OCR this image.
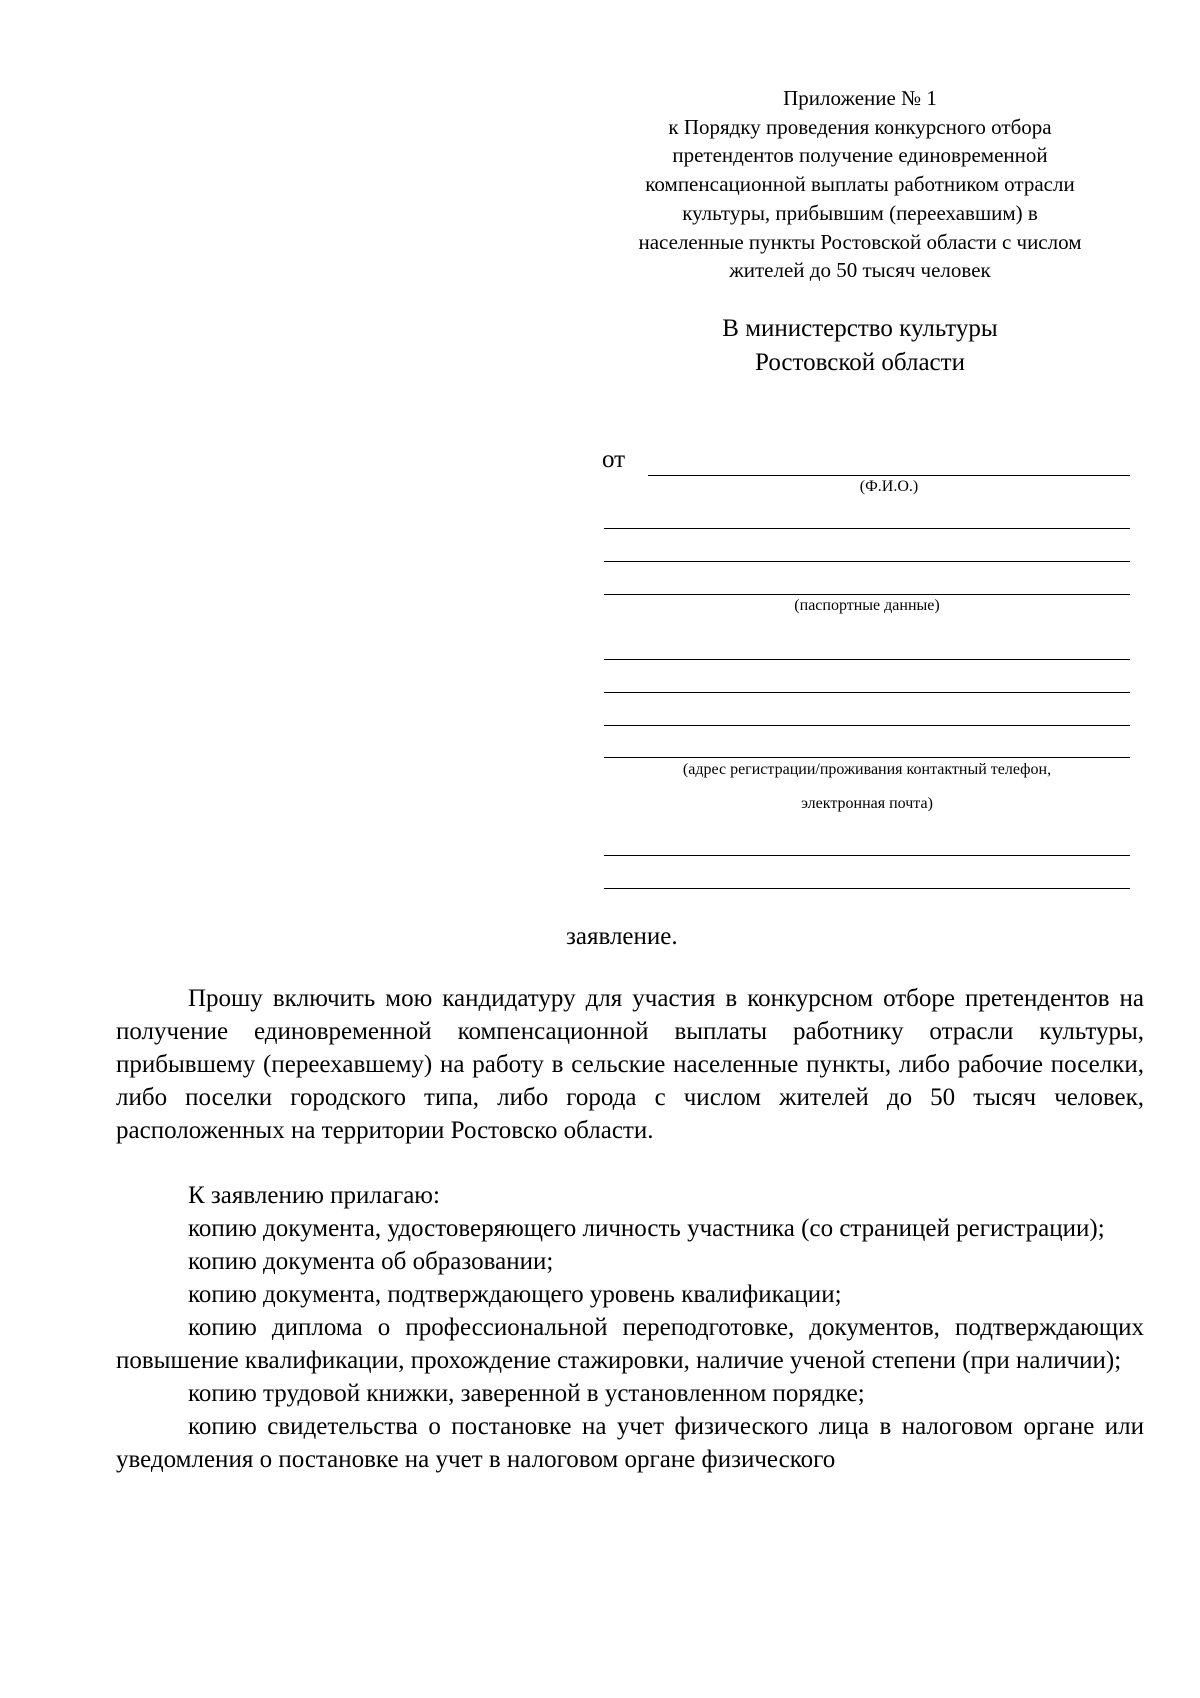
Приложение № 1
к Порядку проведения конкурсного отбора
претендентов получение единовременной
компенсационной выплаты работником отрасли
культуры, прибывшим (переехавшим) в
населенные пункты Ростовской области с числом
жителей до 50 тысяч человек
В министерство культуры
Ростовской области
от
(Ф.И.О.)
(паспортные данные)
(адрес регистрации/проживания контактный телефон,
электронная почта)
заявление.

Прошу включить мою кандидатуру для участия в конкурсном отборе претендентов на получение единовременной компенсационной выплаты работнику отрасли культуры, прибывшему (переехавшему) на работу в сельские населенные пункты, либо рабочие поселки, либо поселки городского типа, либо города с числом жителей до 50 тысяч человек, расположенных на территории Ростовско области.

К заявлению прилагаю:

копию документа, удостоверяющего личность участника (со страницей регистрации);

копию документа об образовании;

копию документа, подтверждающего уровень квалификации;

копию диплома о профессиональной переподготовке, документов, подтверждающих повышение квалификации, прохождение стажировки, наличие ученой степени (при наличии);

копию трудовой книжки, заверенной в установленном порядке;

копию свидетельства о постановке на учет физического лица в налоговом органе или уведомления о постановке на учет в налоговом органе физического
